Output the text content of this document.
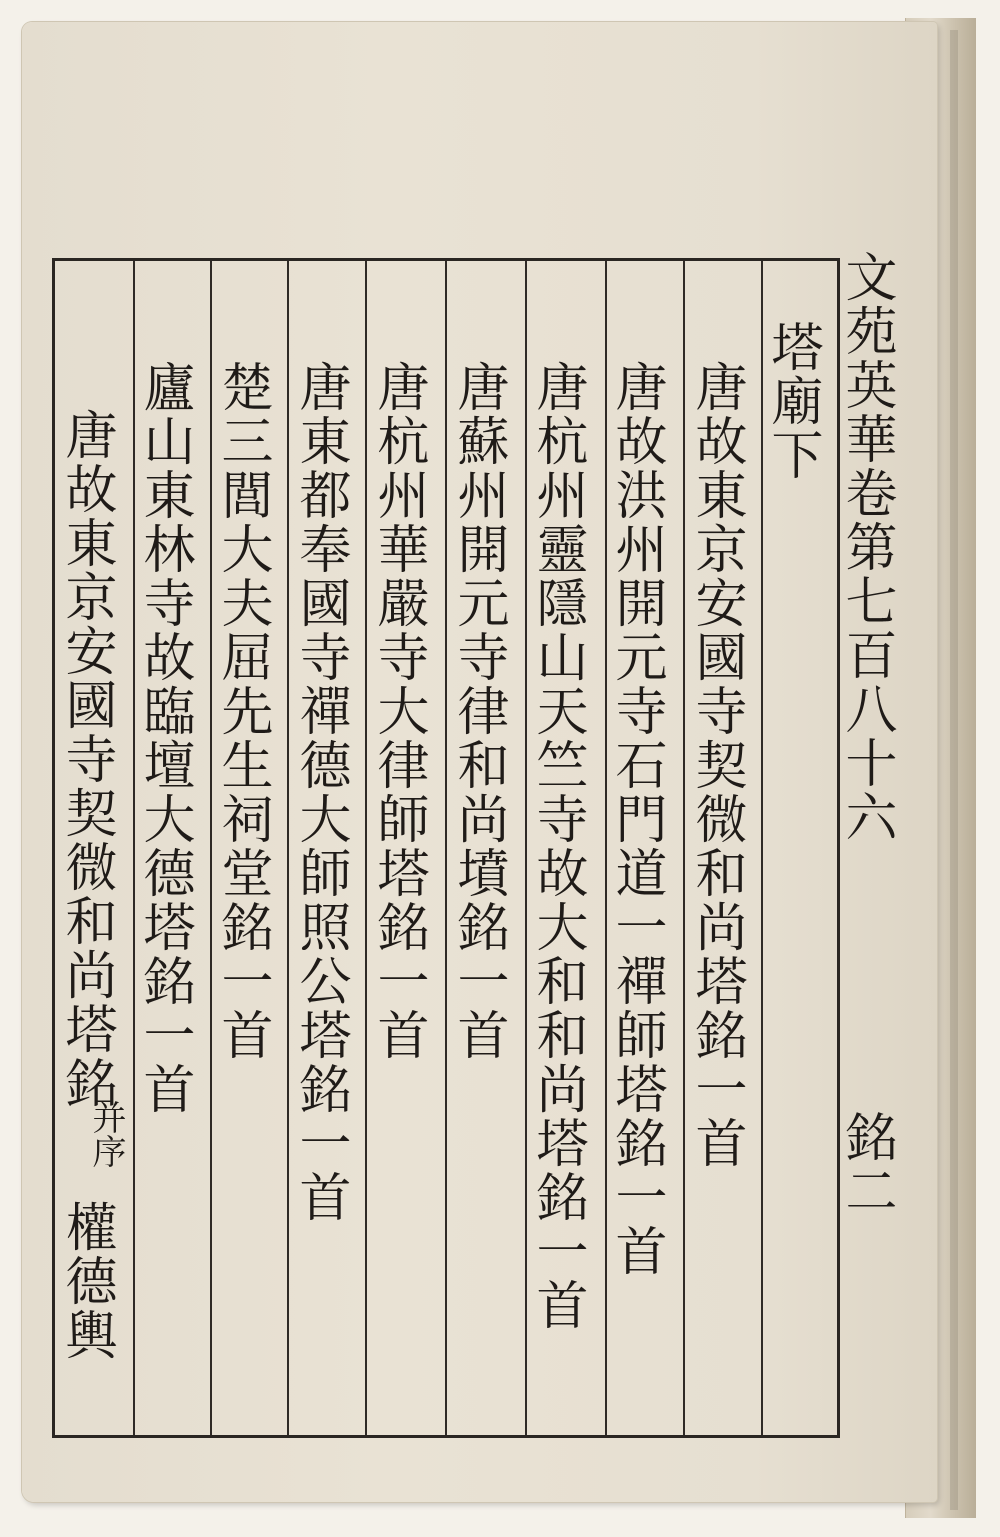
文苑英華卷第七百八十六
銘二
塔廟下
唐故東京安國寺契微和尚塔銘一首
唐故洪州開元寺石門道一禪師塔銘一首
唐杭州靈隱山天竺寺故大和和尚塔銘一首
唐蘇州開元寺律和尚墳銘一首
唐杭州華嚴寺大律師塔銘一首
唐東都奉國寺禪德大師照公塔銘一首
楚三閭大夫屈先生祠堂銘一首
廬山東林寺故臨壇大德塔銘一首
唐故東京安國寺契微和尚塔銘
并序
權德輿
